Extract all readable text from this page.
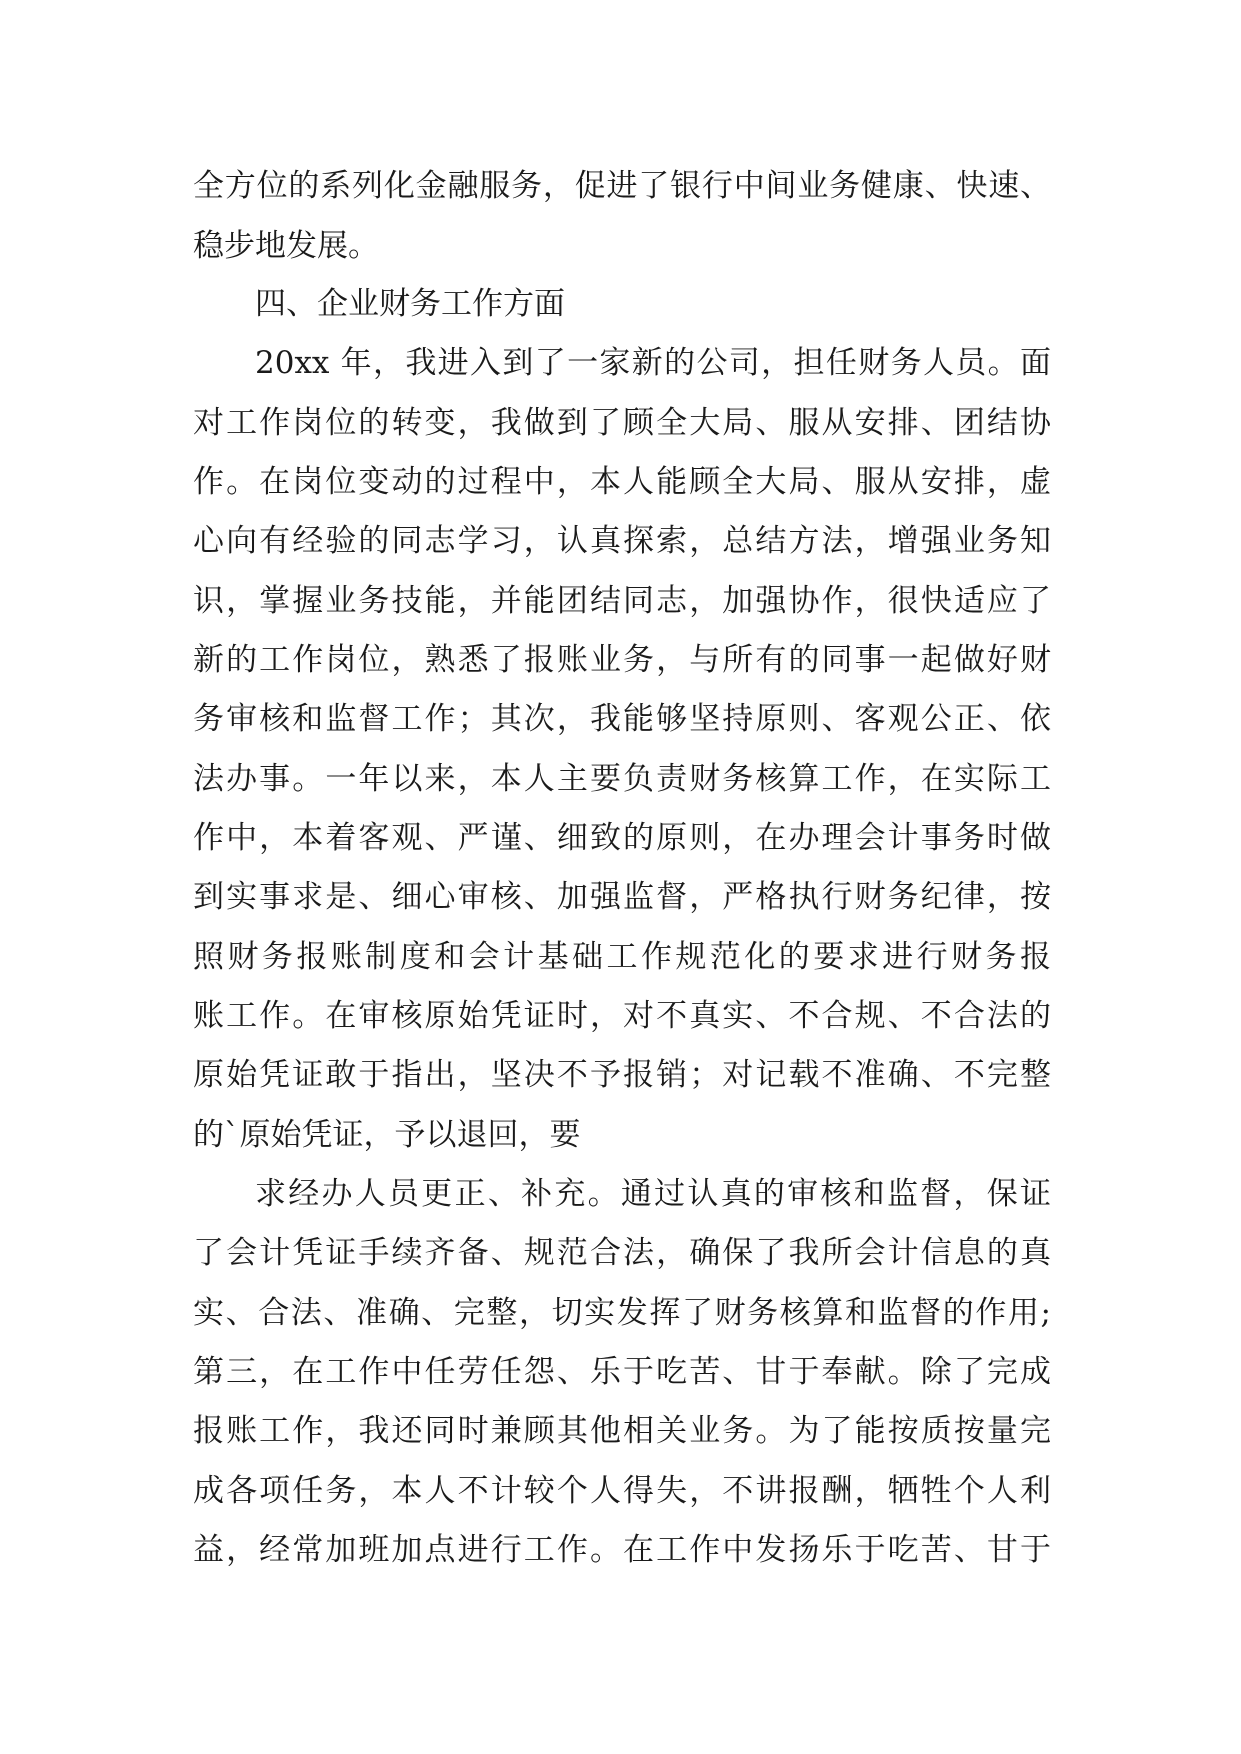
全方位的系列化金融服务，促进了银行中间业务健康、快速、
稳步地发展。
四、企业财务工作方面
20xx 年，我进入到了一家新的公司，担任财务人员。面
对工作岗位的转变，我做到了顾全大局、服从安排、团结协
作。在岗位变动的过程中，本人能顾全大局、服从安排，虚
心向有经验的同志学习，认真探索，总结方法，增强业务知
识，掌握业务技能，并能团结同志，加强协作，很快适应了
新的工作岗位，熟悉了报账业务，与所有的同事一起做好财
务审核和监督工作；其次，我能够坚持原则、客观公正、依
法办事。一年以来，本人主要负责财务核算工作，在实际工
作中，本着客观、严谨、细致的原则，在办理会计事务时做
到实事求是、细心审核、加强监督，严格执行财务纪律，按
照财务报账制度和会计基础工作规范化的要求进行财务报
账工作。在审核原始凭证时，对不真实、不合规、不合法的
原始凭证敢于指出，坚决不予报销；对记载不准确、不完整
的`原始凭证，予以退回，要
求经办人员更正、补充。通过认真的审核和监督，保证
了会计凭证手续齐备、规范合法，确保了我所会计信息的真
实、合法、准确、完整，切实发挥了财务核算和监督的作用;
第三，在工作中任劳任怨、乐于吃苦、甘于奉献。除了完成
报账工作，我还同时兼顾其他相关业务。为了能按质按量完
成各项任务，本人不计较个人得失，不讲报酬，牺牲个人利
益，经常加班加点进行工作。在工作中发扬乐于吃苦、甘于
